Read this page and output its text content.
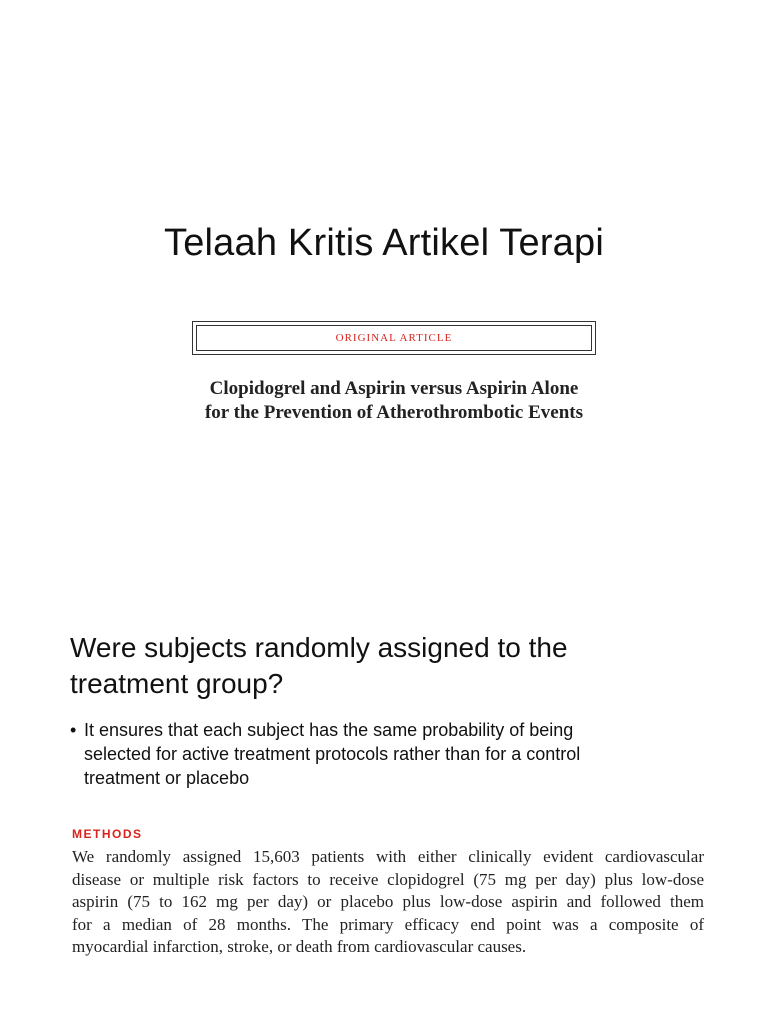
Telaah Kritis Artikel Terapi
ORIGINAL ARTICLE
Clopidogrel and Aspirin versus Aspirin Alone
for the Prevention of Atherothrombotic Events
Were subjects randomly assigned to the
treatment group?
• It ensures that each subject has the same probability of being
selected for active treatment protocols rather than for a control
treatment or placebo
METHODS

We randomly assigned 15,603 patients with either clinically evident cardiovascular
disease or multiple risk factors to receive clopidogrel (75 mg per day) plus low-dose
aspirin (75 to 162 mg per day) or placebo plus low-dose aspirin and followed them
for a median of 28 months. The primary efficacy end point was a composite of
myocardial infarction, stroke, or death from cardiovascular causes.
